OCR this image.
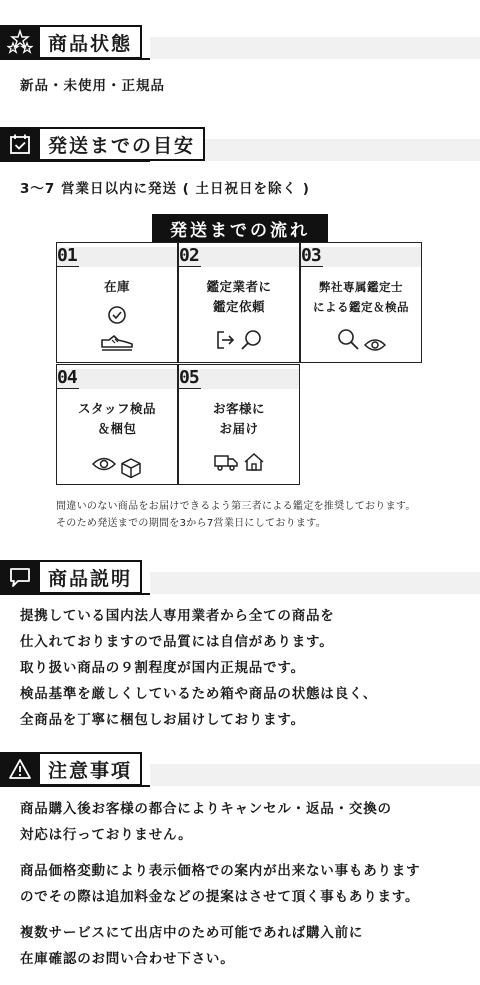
商品状態
新品・未使用・正規品
発送までの目安
3〜7 営業日以内に発送 ( 土日祝日を除く )
発送までの流れ
01
在庫
02
鑑定業者に
鑑定依頼
03
弊社専属鑑定士
による鑑定＆検品
04
スタッフ検品
＆梱包
05
お客様に
お届け
間違いのない商品をお届けできるよう第三者による鑑定を推奨しております。
そのため発送までの期間を3から7営業日にしております。
商品説明
提携している国内法人専用業者から全ての商品を
仕入れておりますので品質には自信があります。
取り扱い商品の９割程度が国内正規品です。
検品基準を厳しくしているため箱や商品の状態は良く、
全商品を丁寧に梱包しお届けしております。
注意事項
商品購入後お客様の都合によりキャンセル・返品・交換の
対応は行っておりません。
商品価格変動により表示価格での案内が出来ない事もあります
のでその際は追加料金などの提案はさせて頂く事もあります。
複数サービスにて出店中のため可能であれば購入前に
在庫確認のお問い合わせ下さい。
